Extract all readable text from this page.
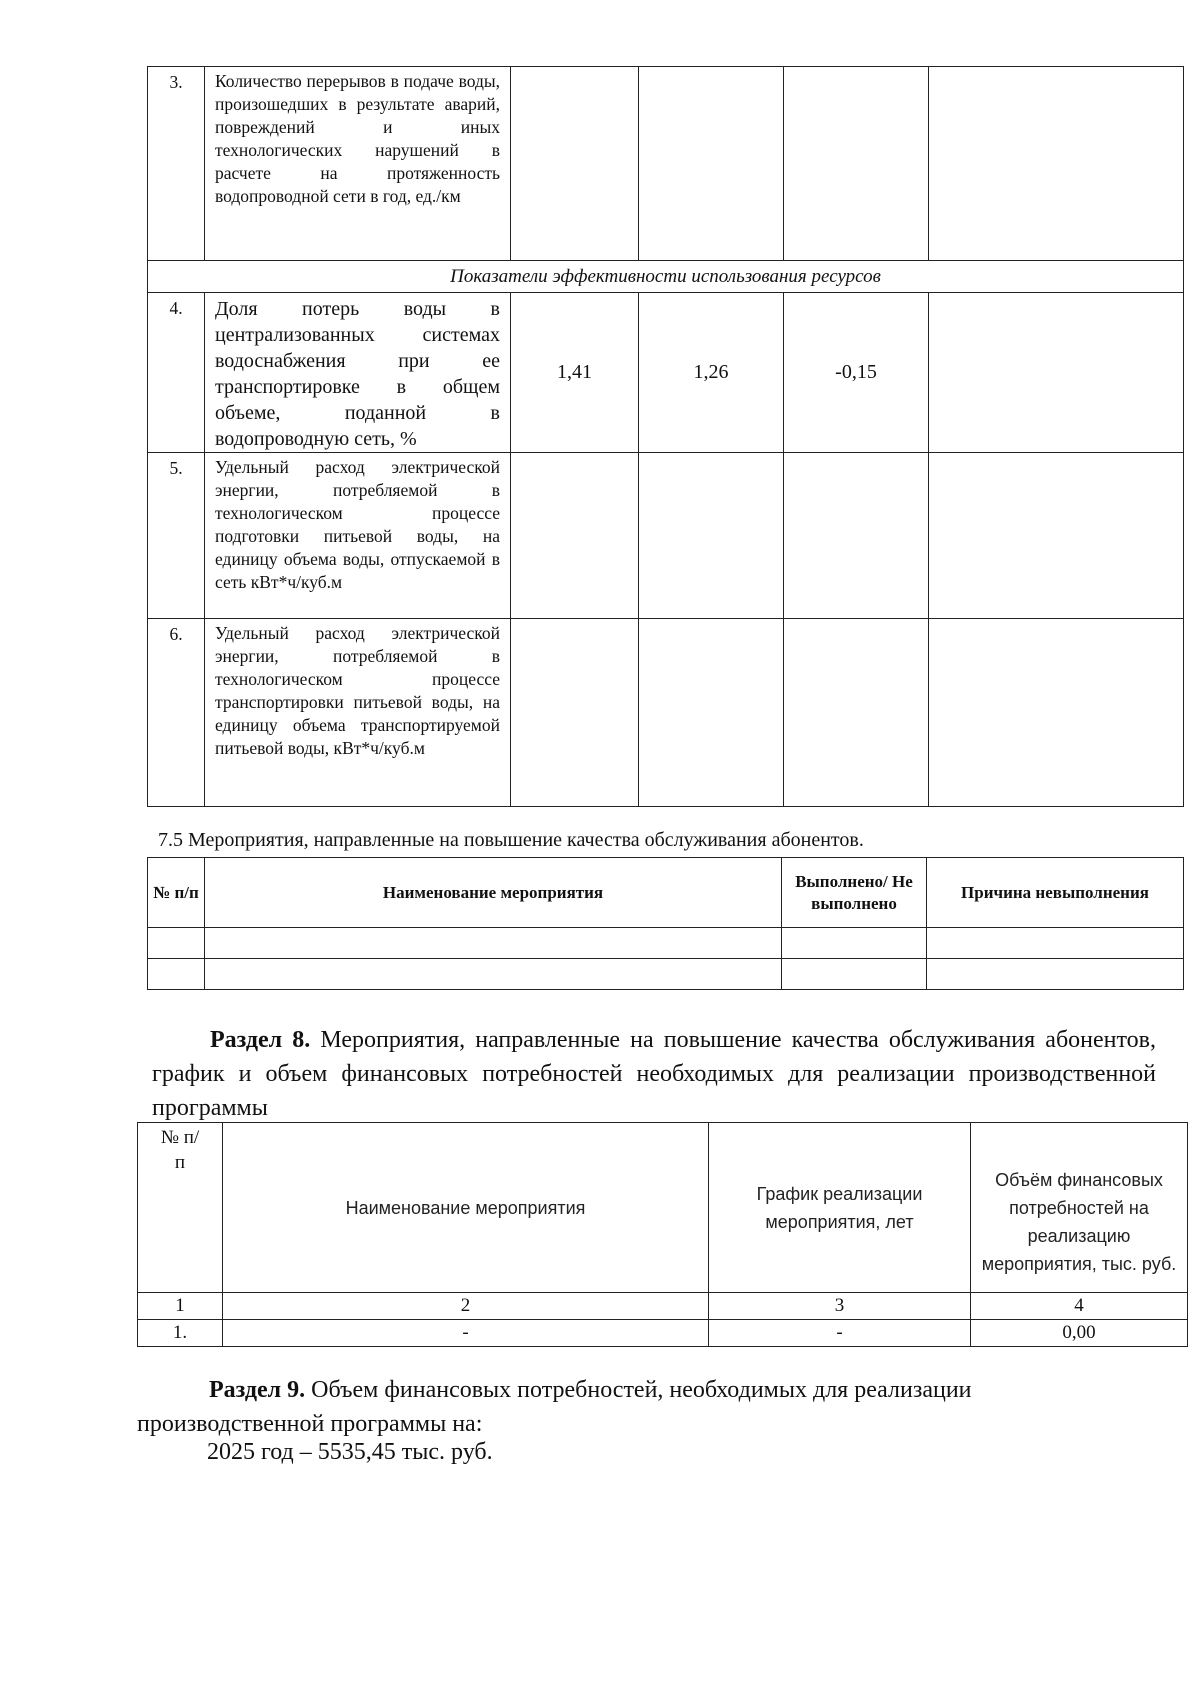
3.	Количество перерывов в подаче воды, произошедших в результате аварий, повреждений и иных технологических нарушений в расчете на протяженность водопроводной сети в год, ед./км				
Показатели эффективности использования ресурсов					
4.	Доля потерь воды в централизованных системах водоснабжения при ее транспортировке в общем объеме, поданной в водопроводную сеть, %	1,41	1,26	-0,15	
5.	Удельный расход электрической энергии, потребляемой в технологическом процессе подготовки питьевой воды, на единицу объема воды, отпускаемой в сеть кВт*ч/куб.м				
6.	Удельный расход электрической энергии, потребляемой в технологическом процессе транспортировки питьевой воды, на единицу объема транспортируемой питьевой воды, кВт*ч/куб.м				
7.5 Мероприятия, направленные на повышение качества обслуживания абонентов.
№ п/п	Наименование мероприятия	Выполнено/ Не выполнено	Причина невыполнения

Раздел 8. Мероприятия, направленные на повышение качества обслуживания абонентов, график и объем финансовых потребностей необходимых для реализации производственной программы
№ п/п	Наименование мероприятия	График реализации мероприятия, лет	Объём финансовых потребностей на реализацию мероприятия, тыс. руб.

1	2	3	4
1.	-	-	0,00
Раздел 9. Объем финансовых потребностей, необходимых для реализации производственной программы на:
2025 год – 5535,45 тыс. руб.
